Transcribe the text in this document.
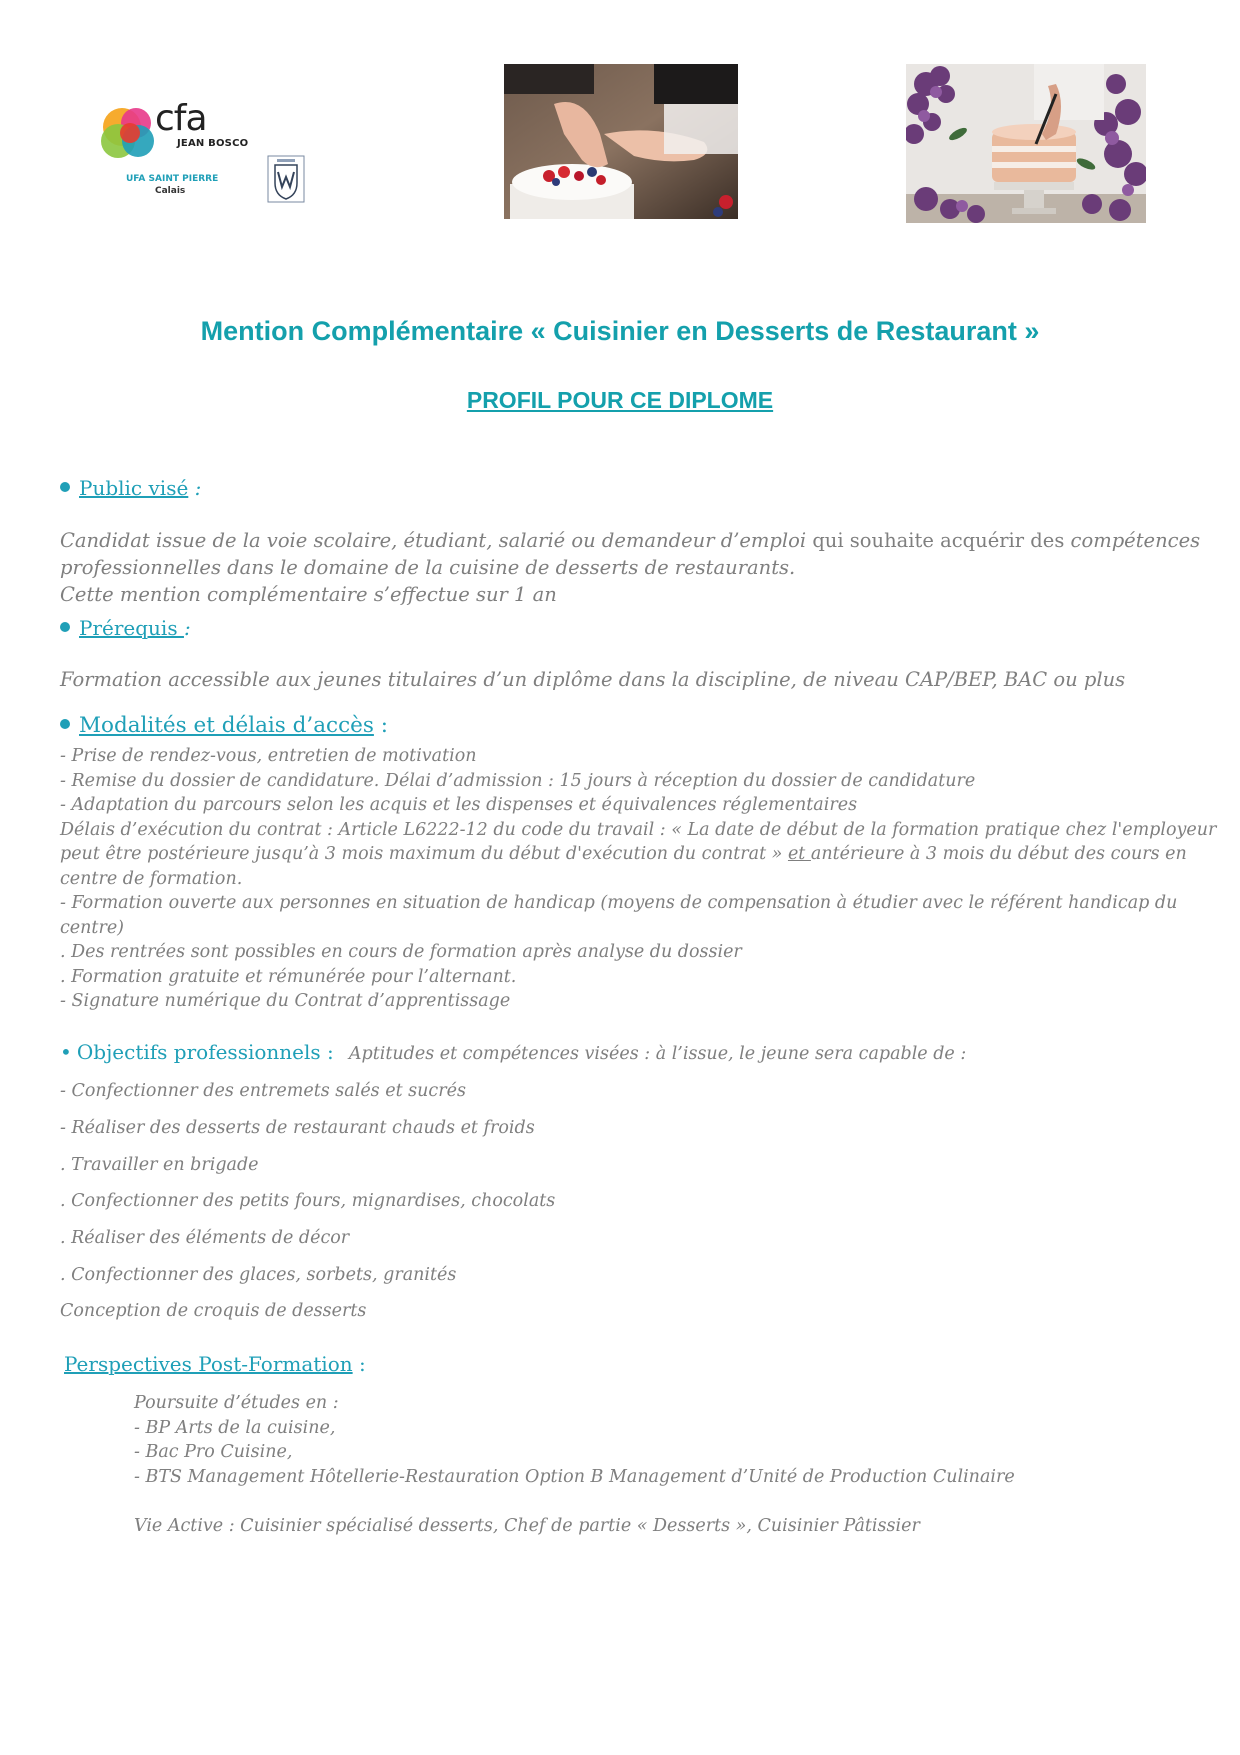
cfa
JEAN BOSCO
UFA SAINT PIERRE
Calais
Mention Complémentaire « Cuisinier en Desserts de Restaurant »
PROFIL POUR CE DIPLOME
Public visé :
Candidat issue de la voie scolaire, étudiant, salarié ou demandeur d’emploi qui souhaite acquérir des compétences
professionnelles dans le domaine de la cuisine de desserts de restaurants.
Cette mention complémentaire s’effectue sur 1 an
Prérequis :
Formation accessible aux jeunes titulaires d’un diplôme dans la discipline, de niveau CAP/BEP, BAC ou plus
Modalités et délais d’accès :
- Prise de rendez-vous, entretien de motivation
- Remise du dossier de candidature. Délai d’admission : 15 jours à réception du dossier de candidature
- Adaptation du parcours selon les acquis et les dispenses et équivalences réglementaires
Délais d’exécution du contrat : Article L6222-12 du code du travail : « La date de début de la formation pratique chez l'employeur
peut être postérieure jusqu’à 3 mois maximum du début d'exécution du contrat » et antérieure à 3 mois du début des cours en
centre de formation.
- Formation ouverte aux personnes en situation de handicap (moyens de compensation à étudier avec le référent handicap du
centre)
. Des rentrées sont possibles en cours de formation après analyse du dossier
. Formation gratuite et rémunérée pour l’alternant.
- Signature numérique du Contrat d’apprentissage
• Objectifs professionnels : Aptitudes et compétences visées : à l’issue, le jeune sera capable de :
- Confectionner des entremets salés et sucrés
- Réaliser des desserts de restaurant chauds et froids
. Travailler en brigade
. Confectionner des petits fours, mignardises, chocolats
. Réaliser des éléments de décor
. Confectionner des glaces, sorbets, granités
Conception de croquis de desserts
Perspectives Post-Formation :
Poursuite d’études en :
- BP Arts de la cuisine,
- Bac Pro Cuisine,
- BTS Management Hôtellerie-Restauration Option B Management d’Unité de Production Culinaire
Vie Active : Cuisinier spécialisé desserts, Chef de partie « Desserts », Cuisinier Pâtissier
